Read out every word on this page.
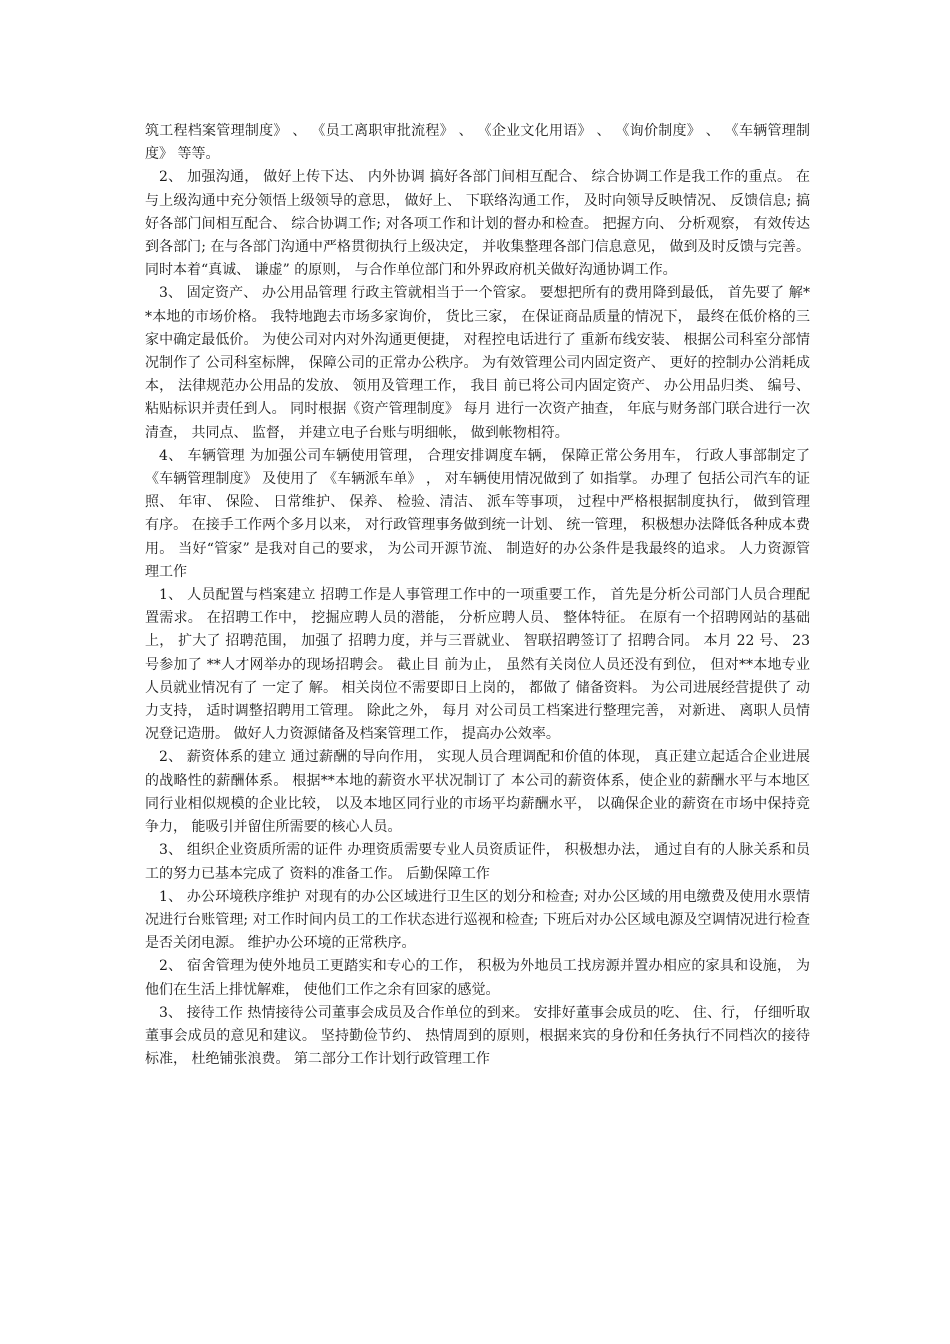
筑工程档案管理制度》 、 《员工离职审批流程》 、 《企业文化用语》 、 《询价制度》 、 《车辆管理制度》 等等。

2、 加强沟通， 做好上传下达、 内外协调 搞好各部门间相互配合、 综合协调工作是我工作的重点。 在与上级沟通中充分领悟上级领导的意思， 做好上、 下联络沟通工作， 及时向领导反映情况、 反馈信息; 搞好各部门间相互配合、 综合协调工作; 对各项工作和计划的督办和检查。 把握方向、 分析观察， 有效传达到各部门; 在与各部门沟通中严格贯彻执行上级决定， 并收集整理各部门信息意见， 做到及时反馈与完善。 同时本着“真诚、 谦虚” 的原则， 与合作单位部门和外界政府机关做好沟通协调工作。

3、 固定资产、 办公用品管理 行政主管就相当于一个管家。 要想把所有的费用降到最低， 首先要了 解**本地的市场价格。 我特地跑去市场多家询价， 货比三家， 在保证商品质量的情况下， 最终在低价格的三家中确定最低价。 为使公司对内对外沟通更便捷， 对程控电话进行了 重新布线安装、 根据公司科室分部情况制作了 公司科室标牌， 保障公司的正常办公秩序。 为有效管理公司内固定资产、 更好的控制办公消耗成本， 法律规范办公用品的发放、 领用及管理工作， 我目 前已将公司内固定资产、 办公用品归类、 编号、 粘贴标识并责任到人。 同时根据《资产管理制度》 每月 进行一次资产抽查， 年底与财务部门联合进行一次清查， 共同点、 监督， 并建立电子台账与明细帐， 做到帐物相符。

4、 车辆管理 为加强公司车辆使用管理， 合理安排调度车辆， 保障正常公务用车， 行政人事部制定了 《车辆管理制度》 及使用了 《车辆派车单》 ， 对车辆使用情况做到了 如指掌。 办理了 包括公司汽车的证照、 年审、 保险、 日常维护、 保养、 检验、清洁、 派车等事项， 过程中严格根据制度执行， 做到管理有序。 在接手工作两个多月以来， 对行政管理事务做到统一计划、 统一管理， 积极想办法降低各种成本费用。 当好“管家” 是我对自己的要求， 为公司开源节流、 制造好的办公条件是我最终的追求。 人力资源管理工作

1、 人员配置与档案建立 招聘工作是人事管理工作中的一项重要工作， 首先是分析公司部门人员合理配置需求。 在招聘工作中， 挖掘应聘人员的潜能， 分析应聘人员、 整体特征。 在原有一个招聘网站的基础上， 扩大了 招聘范围， 加强了 招聘力度，并与三晋就业、 智联招聘签订了 招聘合同。 本月 22 号、 23 号参加了 **人才网举办的现场招聘会。 截止目 前为止， 虽然有关岗位人员还没有到位， 但对**本地专业人员就业情况有了 一定了 解。 相关岗位不需要即日上岗的， 都做了 储备资料。 为公司进展经营提供了 动力支持， 适时调整招聘用工管理。 除此之外， 每月 对公司员工档案进行整理完善， 对新进、 离职人员情况登记造册。 做好人力资源储备及档案管理工作， 提高办公效率。

2、 薪资体系的建立 通过薪酬的导向作用， 实现人员合理调配和价值的体现， 真正建立起适合企业进展的战略性的薪酬体系。 根据**本地的薪资水平状况制订了 本公司的薪资体系，使企业的薪酬水平与本地区同行业相似规模的企业比较， 以及本地区同行业的市场平均薪酬水平， 以确保企业的薪资在市场中保持竞争力， 能吸引并留住所需要的核心人员。

3、 组织企业资质所需的证件 办理资质需要专业人员资质证件， 积极想办法， 通过自有的人脉关系和员工的努力已基本完成了 资料的准备工作。 后勤保障工作

1、 办公环境秩序维护 对现有的办公区域进行卫生区的划分和检查; 对办公区域的用电缴费及使用水票情况进行台账管理; 对工作时间内员工的工作状态进行巡视和检查; 下班后对办公区域电源及空调情况进行检查是否关闭电源。 维护办公环境的正常秩序。

2、 宿舍管理为使外地员工更踏实和专心的工作， 积极为外地员工找房源并置办相应的家具和设施， 为他们在生活上排忧解难， 使他们工作之余有回家的感觉。

3、 接待工作 热情接待公司董事会成员及合作单位的到来。 安排好董事会成员的吃、 住、行， 仔细听取董事会成员的意见和建议。 坚持勤俭节约、 热情周到的原则，根据来宾的身份和任务执行不同档次的接待标准， 杜绝铺张浪费。 第二部分工作计划行政管理工作
